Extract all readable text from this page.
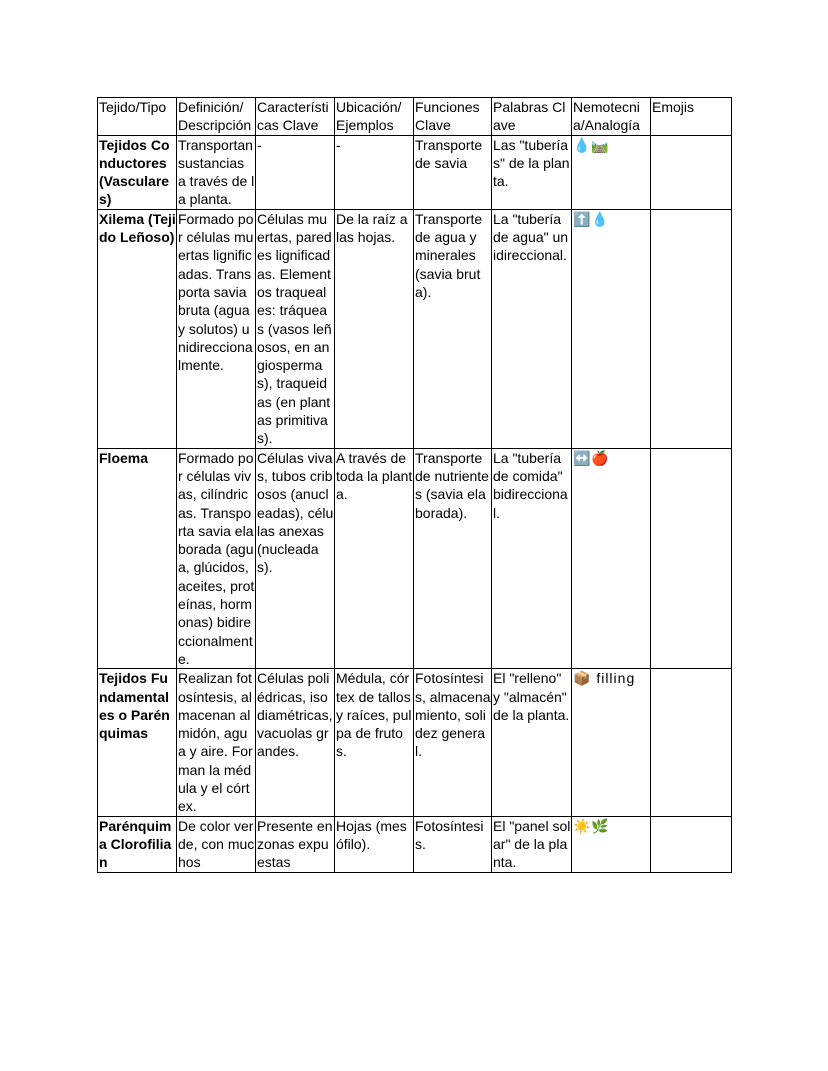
Tejido/Tipo	Definición/ Descripción	Características Clave	Ubicación/ Ejemplos	Funciones Clave	Palabras Clave	Nemotecnia/Analogía	Emojis
Tejidos Conductores (Vasculares)	Transportan sustancias a través de la planta.	-	-	Transporte de savia	Las "tuberías" de la planta.	💧🛤️	
Xilema (Tejido Leñoso)	Formado por células muertas lignificadas. Transporta savia bruta (agua y solutos) unidireccionalmente.	Células muertas, paredes lignificadas. Elementos traqueales: tráqueas (vasos leñosos, en angiospermas), traqueidas (en plantas primitivas).	De la raíz a las hojas.	Transporte de agua y minerales (savia bruta).	La "tubería de agua" unidireccional.	⬆️💧	
Floema	Formado por células vivas, cilíndricas. Transporta savia elaborada (agua, glúcidos, aceites, proteínas, hormonas) bidireccionalmente.	Células vivas, tubos cribosos (anucleadas), células anexas (nucleadas).	A través de toda la planta.	Transporte de nutrientes (savia elaborada).	La "tubería de comida" bidireccional.	↔️🍎	
Tejidos Fundamentales o Parénquimas	Realizan fotosíntesis, almacenan almidón, agua y aire. Forman la médula y el córtex.	Células poliédricas, isodiamétricas, vacuolas grandes.	Médula, córtex de tallos y raíces, pulpa de frutos.	Fotosíntesis, almacenamiento, solidez general.	El "relleno" y "almacén" de la planta.	📦 filling	
Parénquima Clorofilian	De color verde, con muchos	Presente en zonas expuestas	Hojas (mesófilo).	Fotosíntesis.	El "panel solar" de la planta.	☀️🌿	
